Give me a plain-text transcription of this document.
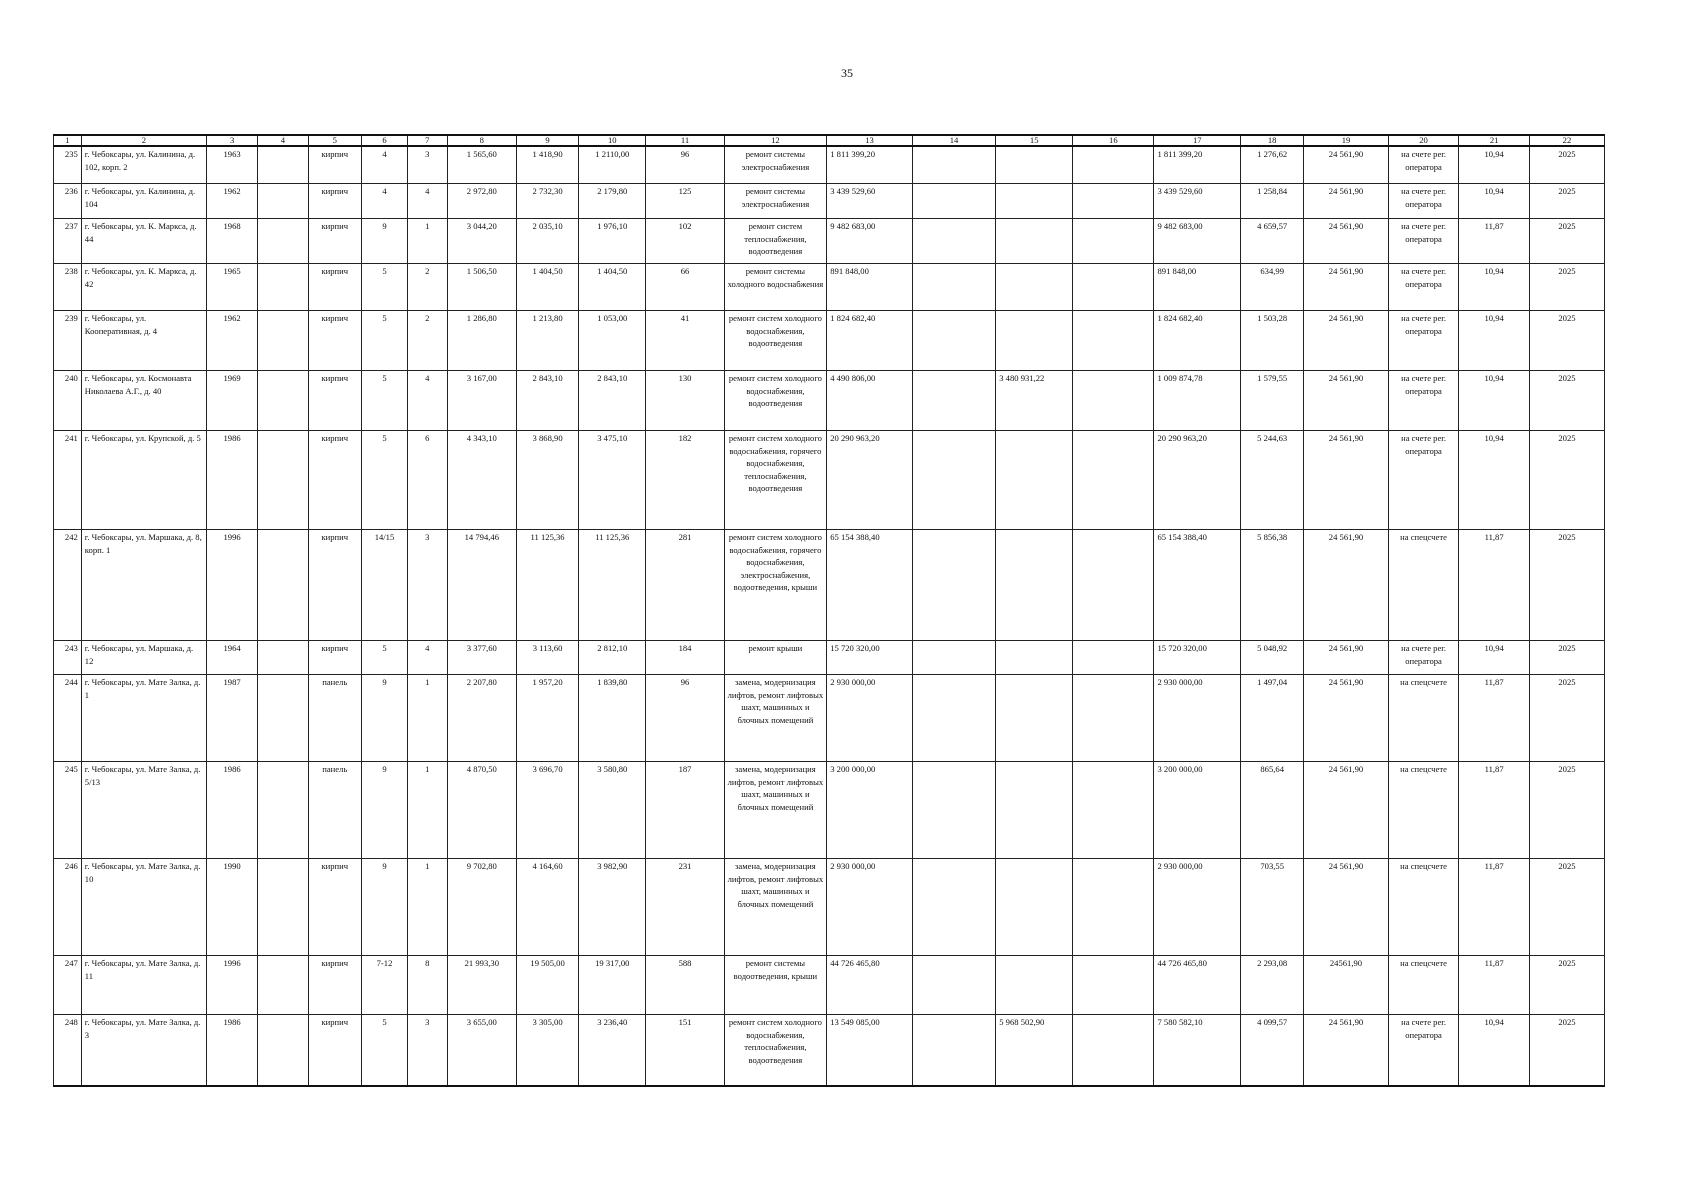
35
1	2	3	4	5	6	7	8	9	10	11	12	13	14	15	16	17	18	19	20	21	22
235	г. Чебоксары, ул. Калинина, д. 102, корп. 2	1963		кирпич	4	3	1 565,60	1 418,90	1 2110,00	96	ремонт системы электроснабжения	1 811 399,20				1 811 399,20	1 276,62	24 561,90	на счете рег. оператора	10,94	2025
236	г. Чебоксары, ул. Калинина, д. 104	1962		кирпич	4	4	2 972,80	2 732,30	2 179,80	125	ремонт системы электроснабжения	3 439 529,60				3 439 529,60	1 258,84	24 561,90	на счете рег. оператора	10,94	2025
237	г. Чебоксары, ул. К. Маркса, д. 44	1968		кирпич	9	1	3 044,20	2 035,10	1 976,10	102	ремонт систем теплоснабжения, водоотведения	9 482 683,00				9 482 683,00	4 659,57	24 561,90	на счете рег. оператора	11,87	2025
238	г. Чебоксары, ул. К. Маркса, д. 42	1965		кирпич	5	2	1 506,50	1 404,50	1 404,50	66	ремонт системы холодного водоснабжения	891 848,00				891 848,00	634,99	24 561,90	на счете рег. оператора	10,94	2025
239	г. Чебоксары, ул. Кооперативная, д. 4	1962		кирпич	5	2	1 286,80	1 213,80	1 053,00	41	ремонт систем холодного водоснабжения, водоотведения	1 824 682,40				1 824 682,40	1 503,28	24 561,90	на счете рег. оператора	10,94	2025
240	г. Чебоксары, ул. Космонавта Николаева А.Г., д. 40	1969		кирпич	5	4	3 167,00	2 843,10	2 843,10	130	ремонт систем холодного водоснабжения, водоотведения	4 490 806,00		3 480 931,22		1 009 874,78	1 579,55	24 561,90	на счете рег. оператора	10,94	2025
241	г. Чебоксары, ул. Крупской, д. 5	1986		кирпич	5	6	4 343,10	3 868,90	3 475,10	182	ремонт систем холодного водоснабжения, горячего водоснабжения, теплоснабжения, водоотведения	20 290 963,20				20 290 963,20	5 244,63	24 561,90	на счете рег. оператора	10,94	2025
242	г. Чебоксары, ул. Маршака, д. 8, корп. 1	1996		кирпич	14/15	3	14 794,46	11 125,36	11 125,36	281	ремонт систем холодного водоснабжения, горячего водоснабжения, электроснабжения, водоотведения, крыши	65 154 388,40				65 154 388,40	5 856,38	24 561,90	на спецсчете	11,87	2025
243	г. Чебоксары, ул. Маршака, д. 12	1964		кирпич	5	4	3 377,60	3 113,60	2 812,10	184	ремонт крыши	15 720 320,00				15 720 320,00	5 048,92	24 561,90	на счете рег. оператора	10,94	2025
244	г. Чебоксары, ул. Мате Залка, д. 1	1987		панель	9	1	2 207,80	1 957,20	1 839,80	96	замена, модернизация лифтов, ремонт лифтовых шахт, машинных и блочных помещений	2 930 000,00				2 930 000,00	1 497,04	24 561,90	на спецсчете	11,87	2025
245	г. Чебоксары, ул. Мате Залка, д. 5/13	1986		панель	9	1	4 870,50	3 696,70	3 580,80	187	замена, модернизация лифтов, ремонт лифтовых шахт, машинных и блочных помещений	3 200 000,00				3 200 000,00	865,64	24 561,90	на спецсчете	11,87	2025
246	г. Чебоксары, ул. Мате Залка, д. 10	1990		кирпич	9	1	9 702,80	4 164,60	3 982,90	231	замена, модернизация лифтов, ремонт лифтовых шахт, машинных и блочных помещений	2 930 000,00				2 930 000,00	703,55	24 561,90	на спецсчете	11,87	2025
247	г. Чебоксары, ул. Мате Залка, д. 11	1996		кирпич	7-12	8	21 993,30	19 505,00	19 317,00	588	ремонт системы водоотведения, крыши	44 726 465,80				44 726 465,80	2 293,08	24561,90	на спецсчете	11,87	2025
248	г. Чебоксары, ул. Мате Залка, д. 3	1986		кирпич	5	3	3 655,00	3 305,00	3 236,40	151	ремонт систем холодного водоснабжения, теплоснабжения, водоотведения	13 549 085,00		5 968 502,90		7 580 582,10	4 099,57	24 561,90	на счете рег. оператора	10,94	2025
